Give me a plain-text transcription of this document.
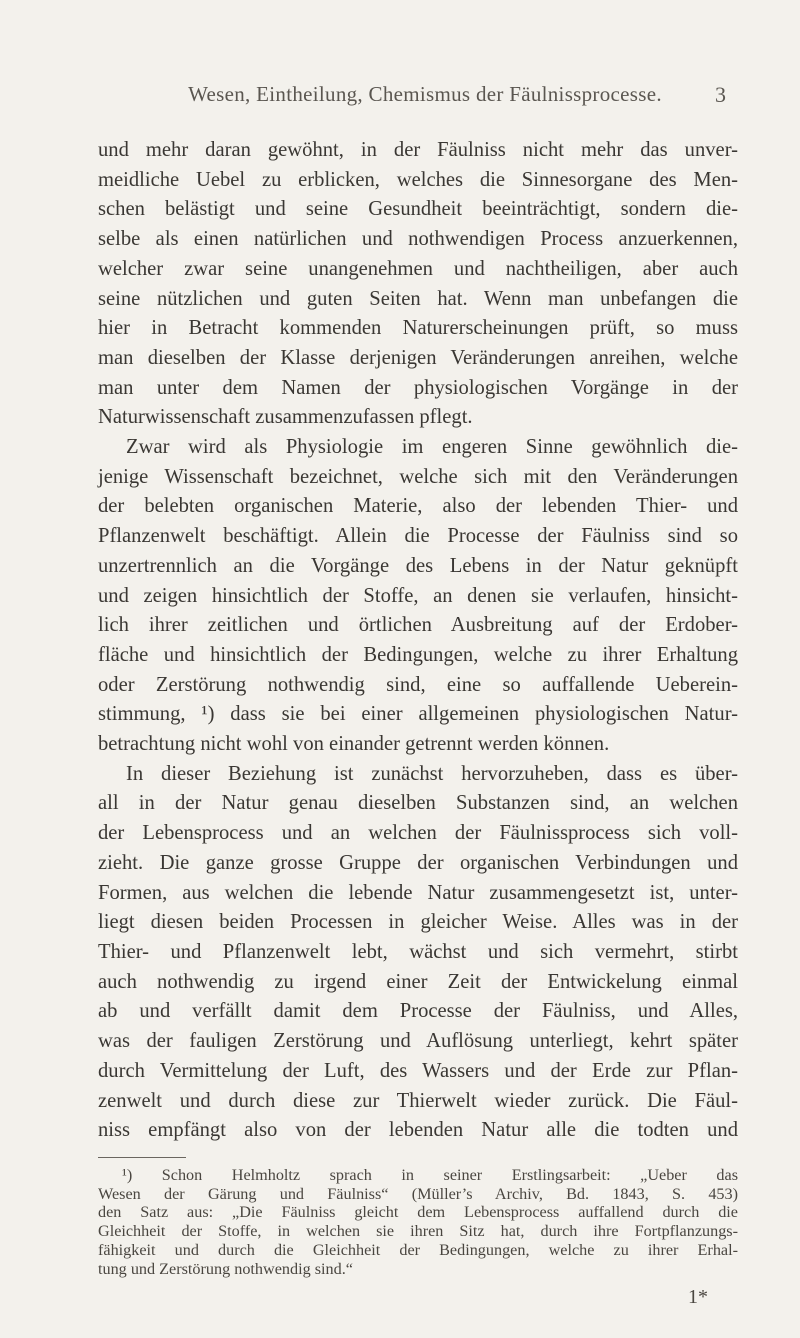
Wesen, Eintheilung, Chemismus der Fäulnissprocesse.	3
und mehr daran gewöhnt, in der Fäulniss nicht mehr das unver-
meidliche Uebel zu erblicken, welches die Sinnesorgane des Men-
schen belästigt und seine Gesundheit beeinträchtigt, sondern die-
selbe als einen natürlichen und nothwendigen Process anzuerkennen,
welcher zwar seine unangenehmen und nachtheiligen, aber auch
seine nützlichen und guten Seiten hat. Wenn man unbefangen die
hier in Betracht kommenden Naturerscheinungen prüft, so muss
man dieselben der Klasse derjenigen Veränderungen anreihen, welche
man unter dem Namen der physiologischen Vorgänge in der
Naturwissenschaft zusammenzufassen pflegt.
Zwar wird als Physiologie im engeren Sinne gewöhnlich die-
jenige Wissenschaft bezeichnet, welche sich mit den Veränderungen
der belebten organischen Materie, also der lebenden Thier- und
Pflanzenwelt beschäftigt. Allein die Processe der Fäulniss sind so
unzertrennlich an die Vorgänge des Lebens in der Natur geknüpft
und zeigen hinsichtlich der Stoffe, an denen sie verlaufen, hinsicht-
lich ihrer zeitlichen und örtlichen Ausbreitung auf der Erdober-
fläche und hinsichtlich der Bedingungen, welche zu ihrer Erhaltung
oder Zerstörung nothwendig sind, eine so auffallende Ueberein-
stimmung, ¹) dass sie bei einer allgemeinen physiologischen Natur-
betrachtung nicht wohl von einander getrennt werden können.
In dieser Beziehung ist zunächst hervorzuheben, dass es über-
all in der Natur genau dieselben Substanzen sind, an welchen
der Lebensprocess und an welchen der Fäulnissprocess sich voll-
zieht. Die ganze grosse Gruppe der organischen Verbindungen und
Formen, aus welchen die lebende Natur zusammengesetzt ist, unter-
liegt diesen beiden Processen in gleicher Weise. Alles was in der
Thier- und Pflanzenwelt lebt, wächst und sich vermehrt, stirbt
auch nothwendig zu irgend einer Zeit der Entwickelung einmal
ab und verfällt damit dem Processe der Fäulniss, und Alles,
was der fauligen Zerstörung und Auflösung unterliegt, kehrt später
durch Vermittelung der Luft, des Wassers und der Erde zur Pflan-
zenwelt und durch diese zur Thierwelt wieder zurück. Die Fäul-
niss empfängt also von der lebenden Natur alle die todten und
¹) Schon Helmholtz sprach in seiner Erstlingsarbeit: „Ueber das
Wesen der Gärung und Fäulniss“ (Müller’s Archiv, Bd. 1843, S. 453)
den Satz aus: „Die Fäulniss gleicht dem Lebensprocess auffallend durch die
Gleichheit der Stoffe, in welchen sie ihren Sitz hat, durch ihre Fortpflanzungs-
fähigkeit und durch die Gleichheit der Bedingungen, welche zu ihrer Erhal-
tung und Zerstörung nothwendig sind.“
1*
